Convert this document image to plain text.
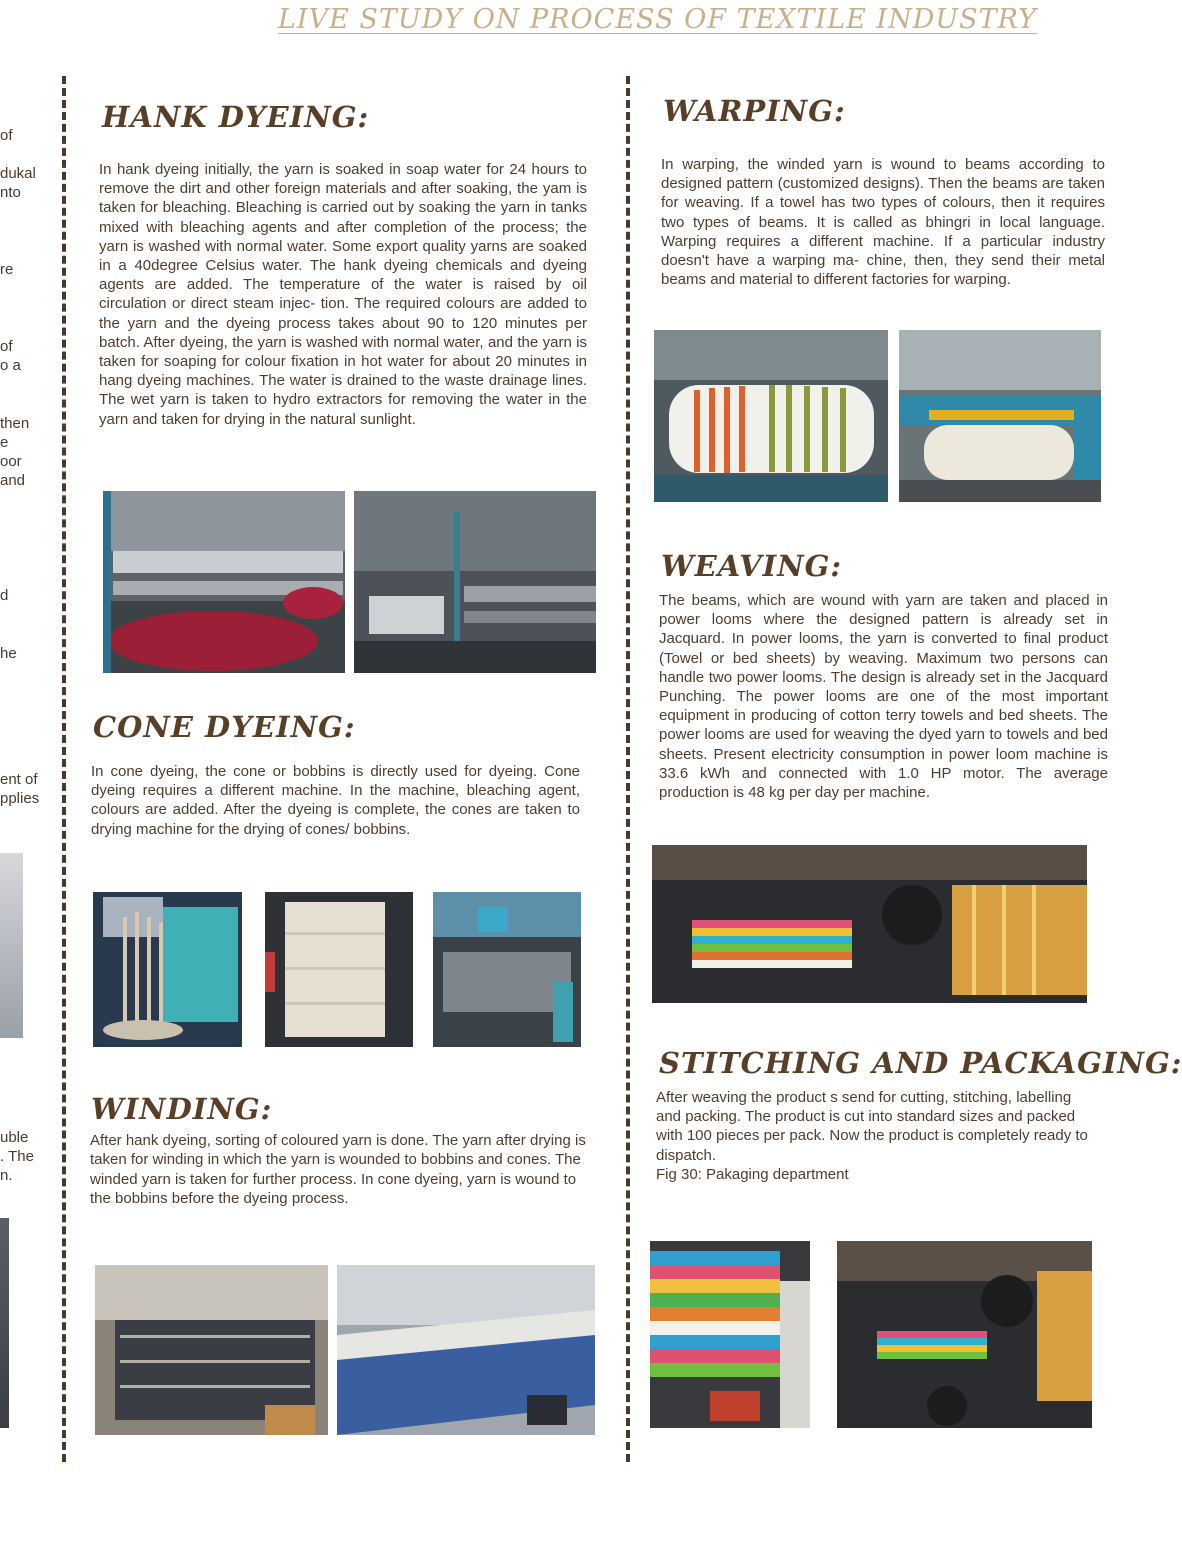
LIVE STUDY ON PROCESS OF TEXTILE INDUSTRY
of
dukal
nto
re
of
o a
then
e
oor
and
d
he
ent of
pplies
uble
. The
n.
HANK DYEING:

In hank dyeing initially, the yarn is soaked in soap water for 24 hours to remove the dirt and other foreign materials and after soaking, the yam is taken for bleaching. Bleaching is carried out by soaking the yarn in tanks mixed with bleaching agents and after completion of the process; the yarn is washed with normal water. Some export quality yarns are soaked in a 40degree Celsius water. The hank dyeing chemicals and dyeing agents are added. The temperature of the water is raised by oil circulation or direct steam injec- tion. The required colours are added to the yarn and the dyeing process takes about 90 to 120 minutes per batch. After dyeing, the yarn is washed with normal water, and the yarn is taken for soaping for colour fixation in hot water for about 20 minutes in hang dyeing machines. The water is drained to the waste drainage lines. The wet yarn is taken to hydro extractors for removing the water in the yarn and taken for drying in the natural sunlight.

CONE DYEING:

In cone dyeing, the cone or bobbins is directly used for dyeing. Cone dyeing requires a different machine. In the machine, bleaching agent, colours are added. After the dyeing is complete, the cones are taken to drying machine for the drying of cones/ bobbins.

WINDING:

After hank dyeing, sorting of coloured yarn is done. The yarn after drying is taken for winding in which the yarn is wounded to bobbins and cones. The winded yarn is taken for further process. In cone dyeing, yarn is wound to the bobbins before the dyeing process.

WARPING:

In warping, the winded yarn is wound to beams according to designed pattern (customized designs). Then the beams are taken for weaving. If a towel has two types of colours, then it requires two types of beams. It is called as bhingri in local language. Warping requires a different machine. If a particular industry doesn't have a warping ma- chine, then, they send their metal beams and material to different factories for warping.

WEAVING:

The beams, which are wound with yarn are taken and placed in power looms where the designed pattern is already set in Jacquard. In power looms, the yarn is converted to final product (Towel or bed sheets) by weaving. Maximum two persons can handle two power looms. The design is already set in the Jacquard Punching. The power looms are one of the most important equipment in producing of cotton terry towels and bed sheets. The power looms are used for weaving the dyed yarn to towels and bed sheets. Present electricity consumption in power loom machine is 33.6 kWh and connected with 1.0 HP motor. The average production is 48 kg per day per machine.

STITCHING AND PACKAGING:

After weaving the product s send for cutting, stitching, labelling and packing. The product is cut into standard sizes and packed with 100 pieces per pack. Now the product is completely ready to dispatch.

Fig 30: Pakaging department
